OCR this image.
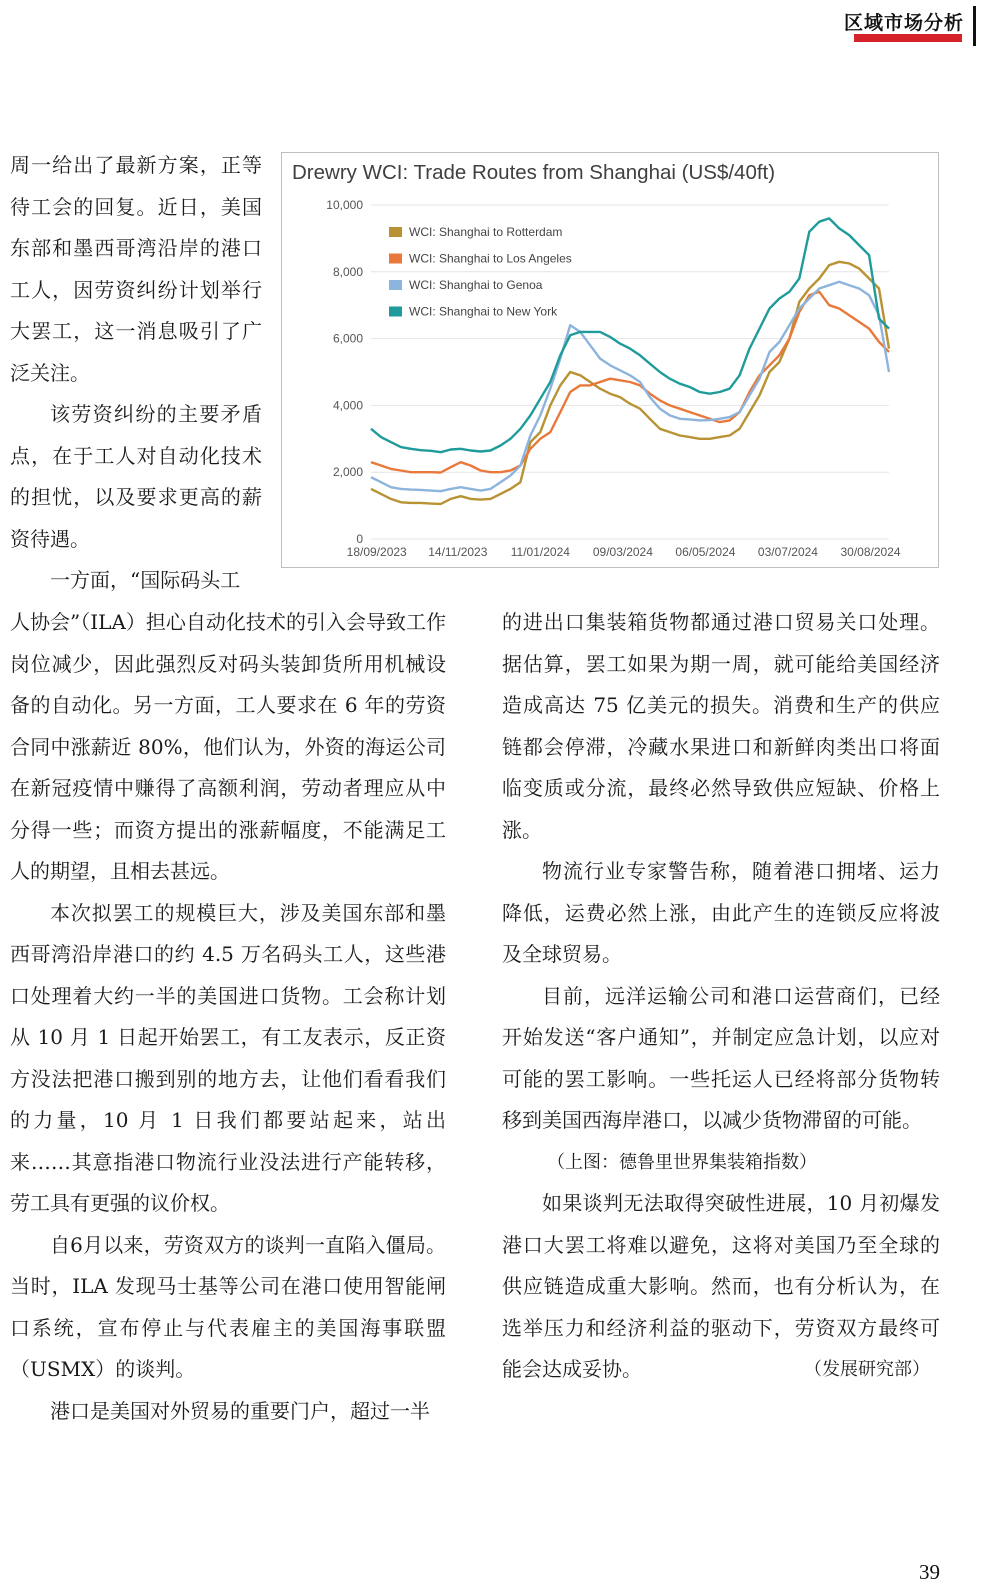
区域市场分析

周一给出了最新方案，正等待工会的回复。近日，美国东部和墨西哥湾沿岸的港口工人，因劳资纠纷计划举行大罢工，这一消息吸引了广泛关注。

该劳资纠纷的主要矛盾点，在于工人对自动化技术的担忧，以及要求更高的薪资待遇。

一方面，“国际码头工

Drewry WCI: Trade Routes from Shanghai (US$/40ft)
0
2,000
4,000
6,000
8,000
10,000
18/09/2023 14/11/2023 11/01/2024 09/03/2024 06/05/2024 03/07/2024 30/08/2024
WCI: Shanghai to Rotterdam
WCI: Shanghai to Los Angeles
WCI: Shanghai to Genoa
WCI: Shanghai to New York

人协会”（ILA）担心自动化技术的引入会导致工作岗位减少，因此强烈反对码头装卸货所用机械设备的自动化。另一方面，工人要求在 6 年的劳资合同中涨薪近 80%，他们认为，外资的海运公司在新冠疫情中赚得了高额利润，劳动者理应从中分得一些；而资方提出的涨薪幅度，不能满足工人的期望，且相去甚远。

本次拟罢工的规模巨大，涉及美国东部和墨西哥湾沿岸港口的约 4.5 万名码头工人，这些港口处理着大约一半的美国进口货物。工会称计划从 10 月 1 日起开始罢工，有工友表示，反正资方没法把港口搬到别的地方去，让他们看看我们的力量，10 月 1 日我们都要站起来，站出来……其意指港口物流行业没法进行产能转移，劳工具有更强的议价权。

自6月以来，劳资双方的谈判一直陷入僵局。当时，ILA 发现马士基等公司在港口使用智能闸口系统，宣布停止与代表雇主的美国海事联盟（USMX）的谈判。

港口是美国对外贸易的重要门户，超过一半

的进出口集装箱货物都通过港口贸易关口处理。据估算，罢工如果为期一周，就可能给美国经济造成高达 75 亿美元的损失。消费和生产的供应链都会停滞，冷藏水果进口和新鲜肉类出口将面临变质或分流，最终必然导致供应短缺、价格上涨。

物流行业专家警告称，随着港口拥堵、运力降低，运费必然上涨，由此产生的连锁反应将波及全球贸易。

目前，远洋运输公司和港口运营商们，已经开始发送“客户通知”，并制定应急计划，以应对可能的罢工影响。一些托运人已经将部分货物转移到美国西海岸港口，以减少货物滞留的可能。

（上图：德鲁里世界集装箱指数）

如果谈判无法取得突破性进展，10 月初爆发港口大罢工将难以避免，这将对美国乃至全球的供应链造成重大影响。然而，也有分析认为，在选举压力和经济利益的驱动下，劳资双方最终可能会达成妥协。	（发展研究部）

39
